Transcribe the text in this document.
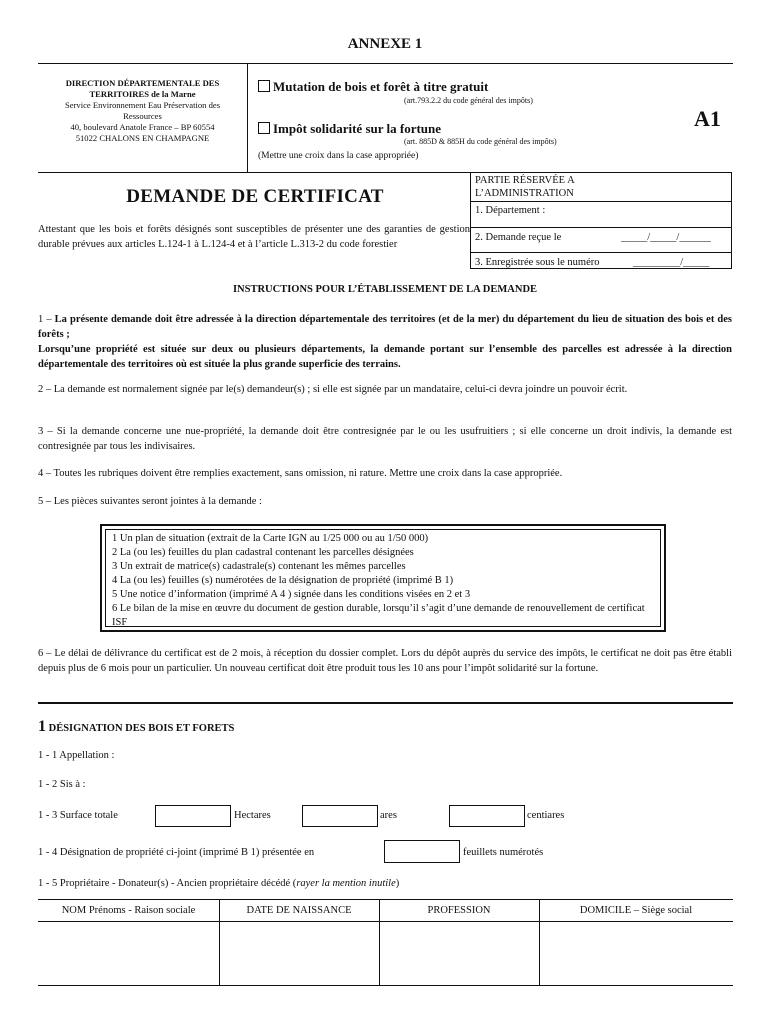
ANNEXE 1
DIRECTION DÉPARTEMENTALE DES
TERRITOIRES de la Marne
Service Environnement Eau Préservation des
Ressources
40, boulevard Anatole France – BP 60554
51022 CHALONS EN CHAMPAGNE
Mutation de bois et forêt à titre gratuit
(art.793.2.2 du code général des impôts)
Impôt solidarité sur la fortune
(art. 885D & 885H du code général des impôts)
(Mettre une croix dans la case appropriée)
A1
DEMANDE DE CERTIFICAT
Attestant que les bois et forêts désignés sont susceptibles de présenter une des garanties de gestion durable prévues aux articles L.124-1 à L.124-4 et à l’article L.313-2 du code forestier
PARTIE RÉSERVÉE A
L’ADMINISTRATION
1. Département :
2. Demande reçue le	_____/_____/______
3. Enregistrée sous le numéro	_________/_____
INSTRUCTIONS POUR L’ÉTABLISSEMENT DE LA DEMANDE
1 – La présente demande doit être adressée à la direction départementale des territoires (et de la mer) du département du lieu de situation des bois et des forêts ;
Lorsqu’une propriété est située sur deux ou plusieurs départements, la demande portant sur l’ensemble des parcelles est adressée à la direction départementale des territoires où est située la plus grande superficie des terrains.
2 – La demande est normalement signée par le(s) demandeur(s) ; si elle est signée par un mandataire, celui-ci devra joindre un pouvoir écrit.
3 – Si la demande concerne une nue-propriété, la demande doit être contresignée par le ou les usufruitiers ; si elle concerne un droit indivis, la demande est contresignée par tous les indivisaires.
4 – Toutes les rubriques doivent être remplies exactement, sans omission, ni rature. Mettre une croix dans la case appropriée.
5 – Les pièces suivantes seront jointes à la demande :
1 Un plan de situation (extrait de la Carte IGN au 1/25 000 ou au 1/50 000)
2 La (ou les) feuilles du plan cadastral contenant les parcelles désignées
3 Un extrait de matrice(s) cadastrale(s) contenant les mêmes parcelles
4 La (ou les) feuilles (s) numérotées de la désignation de propriété (imprimé B 1)
5 Une notice d’information (imprimé A 4 ) signée dans les conditions visées en 2 et 3
6 Le bilan de la mise en œuvre du document de gestion durable, lorsqu’il s’agit d’une demande de renouvellement de certificat ISF
6 – Le délai de délivrance du certificat est de 2 mois, à réception du dossier complet. Lors du dépôt auprès du service des impôts, le certificat ne doit pas être établi depuis plus de 6 mois pour un particulier. Un nouveau certificat doit être produit tous les 10 ans pour l’impôt solidarité sur la fortune.
1 DÉSIGNATION DES BOIS ET FORETS
1 - 1 Appellation :
1 - 2 Sis à :
1 - 3 Surface totale	Hectares	ares	centiares
1 - 4 Désignation de propriété ci-joint (imprimé B 1) présentée en	feuillets numérotés
1 - 5 Propriétaire - Donateur(s) - Ancien propriétaire décédé (rayer la mention inutile)
NOM Prénoms - Raison sociale	DATE DE NAISSANCE	PROFESSION	DOMICILE – Siège social
